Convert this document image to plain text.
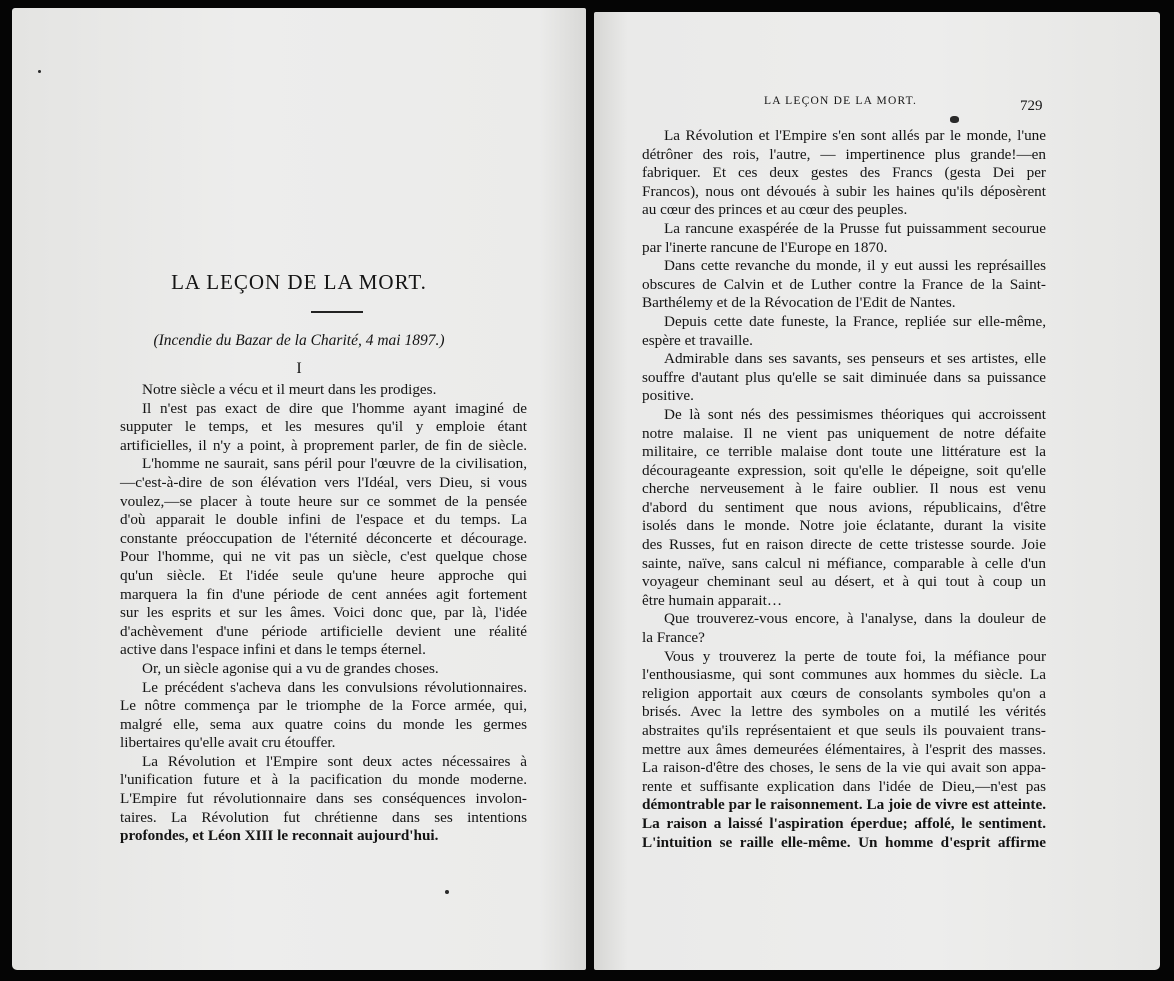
LA LEÇON DE LA MORT.
(Incendie du Bazar de la Charité, 4 mai 1897.)
I
Notre siècle a vécu et il meurt dans les prodiges.
Il n'est pas exact de dire que l'homme ayant imaginé de
supputer le temps, et les mesures qu'il y emploie étant
artificielles, il n'y a point, à proprement parler, de fin de siècle.
L'homme ne saurait, sans péril pour l'œuvre de la civilisation,
—c'est-à-dire de son élévation vers l'Idéal, vers Dieu, si vous
voulez,—se placer à toute heure sur ce sommet de la pensée
d'où apparait le double infini de l'espace et du temps. La
constante préoccupation de l'éternité déconcerte et décourage.
Pour l'homme, qui ne vit pas un siècle, c'est quelque chose
qu'un siècle. Et l'idée seule qu'une heure approche qui
marquera la fin d'une période de cent années agit fortement
sur les esprits et sur les âmes. Voici donc que, par là, l'idée
d'achèvement d'une période artificielle devient une réalité
active dans l'espace infini et dans le temps éternel.
Or, un siècle agonise qui a vu de grandes choses.
Le précédent s'acheva dans les convulsions révolutionnaires.
Le nôtre commença par le triomphe de la Force armée, qui,
malgré elle, sema aux quatre coins du monde les germes
libertaires qu'elle avait cru étouffer.
La Révolution et l'Empire sont deux actes nécessaires à
l'unification future et à la pacification du monde moderne.
L'Empire fut révolutionnaire dans ses conséquences involon-
taires. La Révolution fut chrétienne dans ses intentions
profondes, et Léon XIII le reconnait aujourd'hui.
LA LEÇON DE LA MORT.	729
La Révolution et l'Empire s'en sont allés par le monde, l'une
détrôner des rois, l'autre, — impertinence plus grande!—en
fabriquer. Et ces deux gestes des Francs (gesta Dei per
Francos), nous ont dévoués à subir les haines qu'ils déposèrent
au cœur des princes et au cœur des peuples.
La rancune exaspérée de la Prusse fut puissamment secourue
par l'inerte rancune de l'Europe en 1870.
Dans cette revanche du monde, il y eut aussi les représailles
obscures de Calvin et de Luther contre la France de la Saint-
Barthélemy et de la Révocation de l'Edit de Nantes.
Depuis cette date funeste, la France, repliée sur elle-même,
espère et travaille.
Admirable dans ses savants, ses penseurs et ses artistes, elle
souffre d'autant plus qu'elle se sait diminuée dans sa puissance
positive.
De là sont nés des pessimismes théoriques qui accroissent
notre malaise. Il ne vient pas uniquement de notre défaite
militaire, ce terrible malaise dont toute une littérature est la
décourageante expression, soit qu'elle le dépeigne, soit qu'elle
cherche nerveusement à le faire oublier. Il nous est venu
d'abord du sentiment que nous avions, républicains, d'être
isolés dans le monde. Notre joie éclatante, durant la visite
des Russes, fut en raison directe de cette tristesse sourde. Joie
sainte, naïve, sans calcul ni méfiance, comparable à celle d'un
voyageur cheminant seul au désert, et à qui tout à coup un
être humain apparait…
Que trouverez-vous encore, à l'analyse, dans la douleur de
la France?
Vous y trouverez la perte de toute foi, la méfiance pour
l'enthousiasme, qui sont communes aux hommes du siècle. La
religion apportait aux cœurs de consolants symboles qu'on a
brisés. Avec la lettre des symboles on a mutilé les vérités
abstraites qu'ils représentaient et que seuls ils pouvaient trans-
mettre aux âmes demeurées élémentaires, à l'esprit des masses.
La raison-d'être des choses, le sens de la vie qui avait son appa-
rente et suffisante explication dans l'idée de Dieu,—n'est pas
démontrable par le raisonnement. La joie de vivre est atteinte.
La raison a laissé l'aspiration éperdue; affolé, le sentiment.
L'intuition se raille elle-même. Un homme d'esprit affirme
